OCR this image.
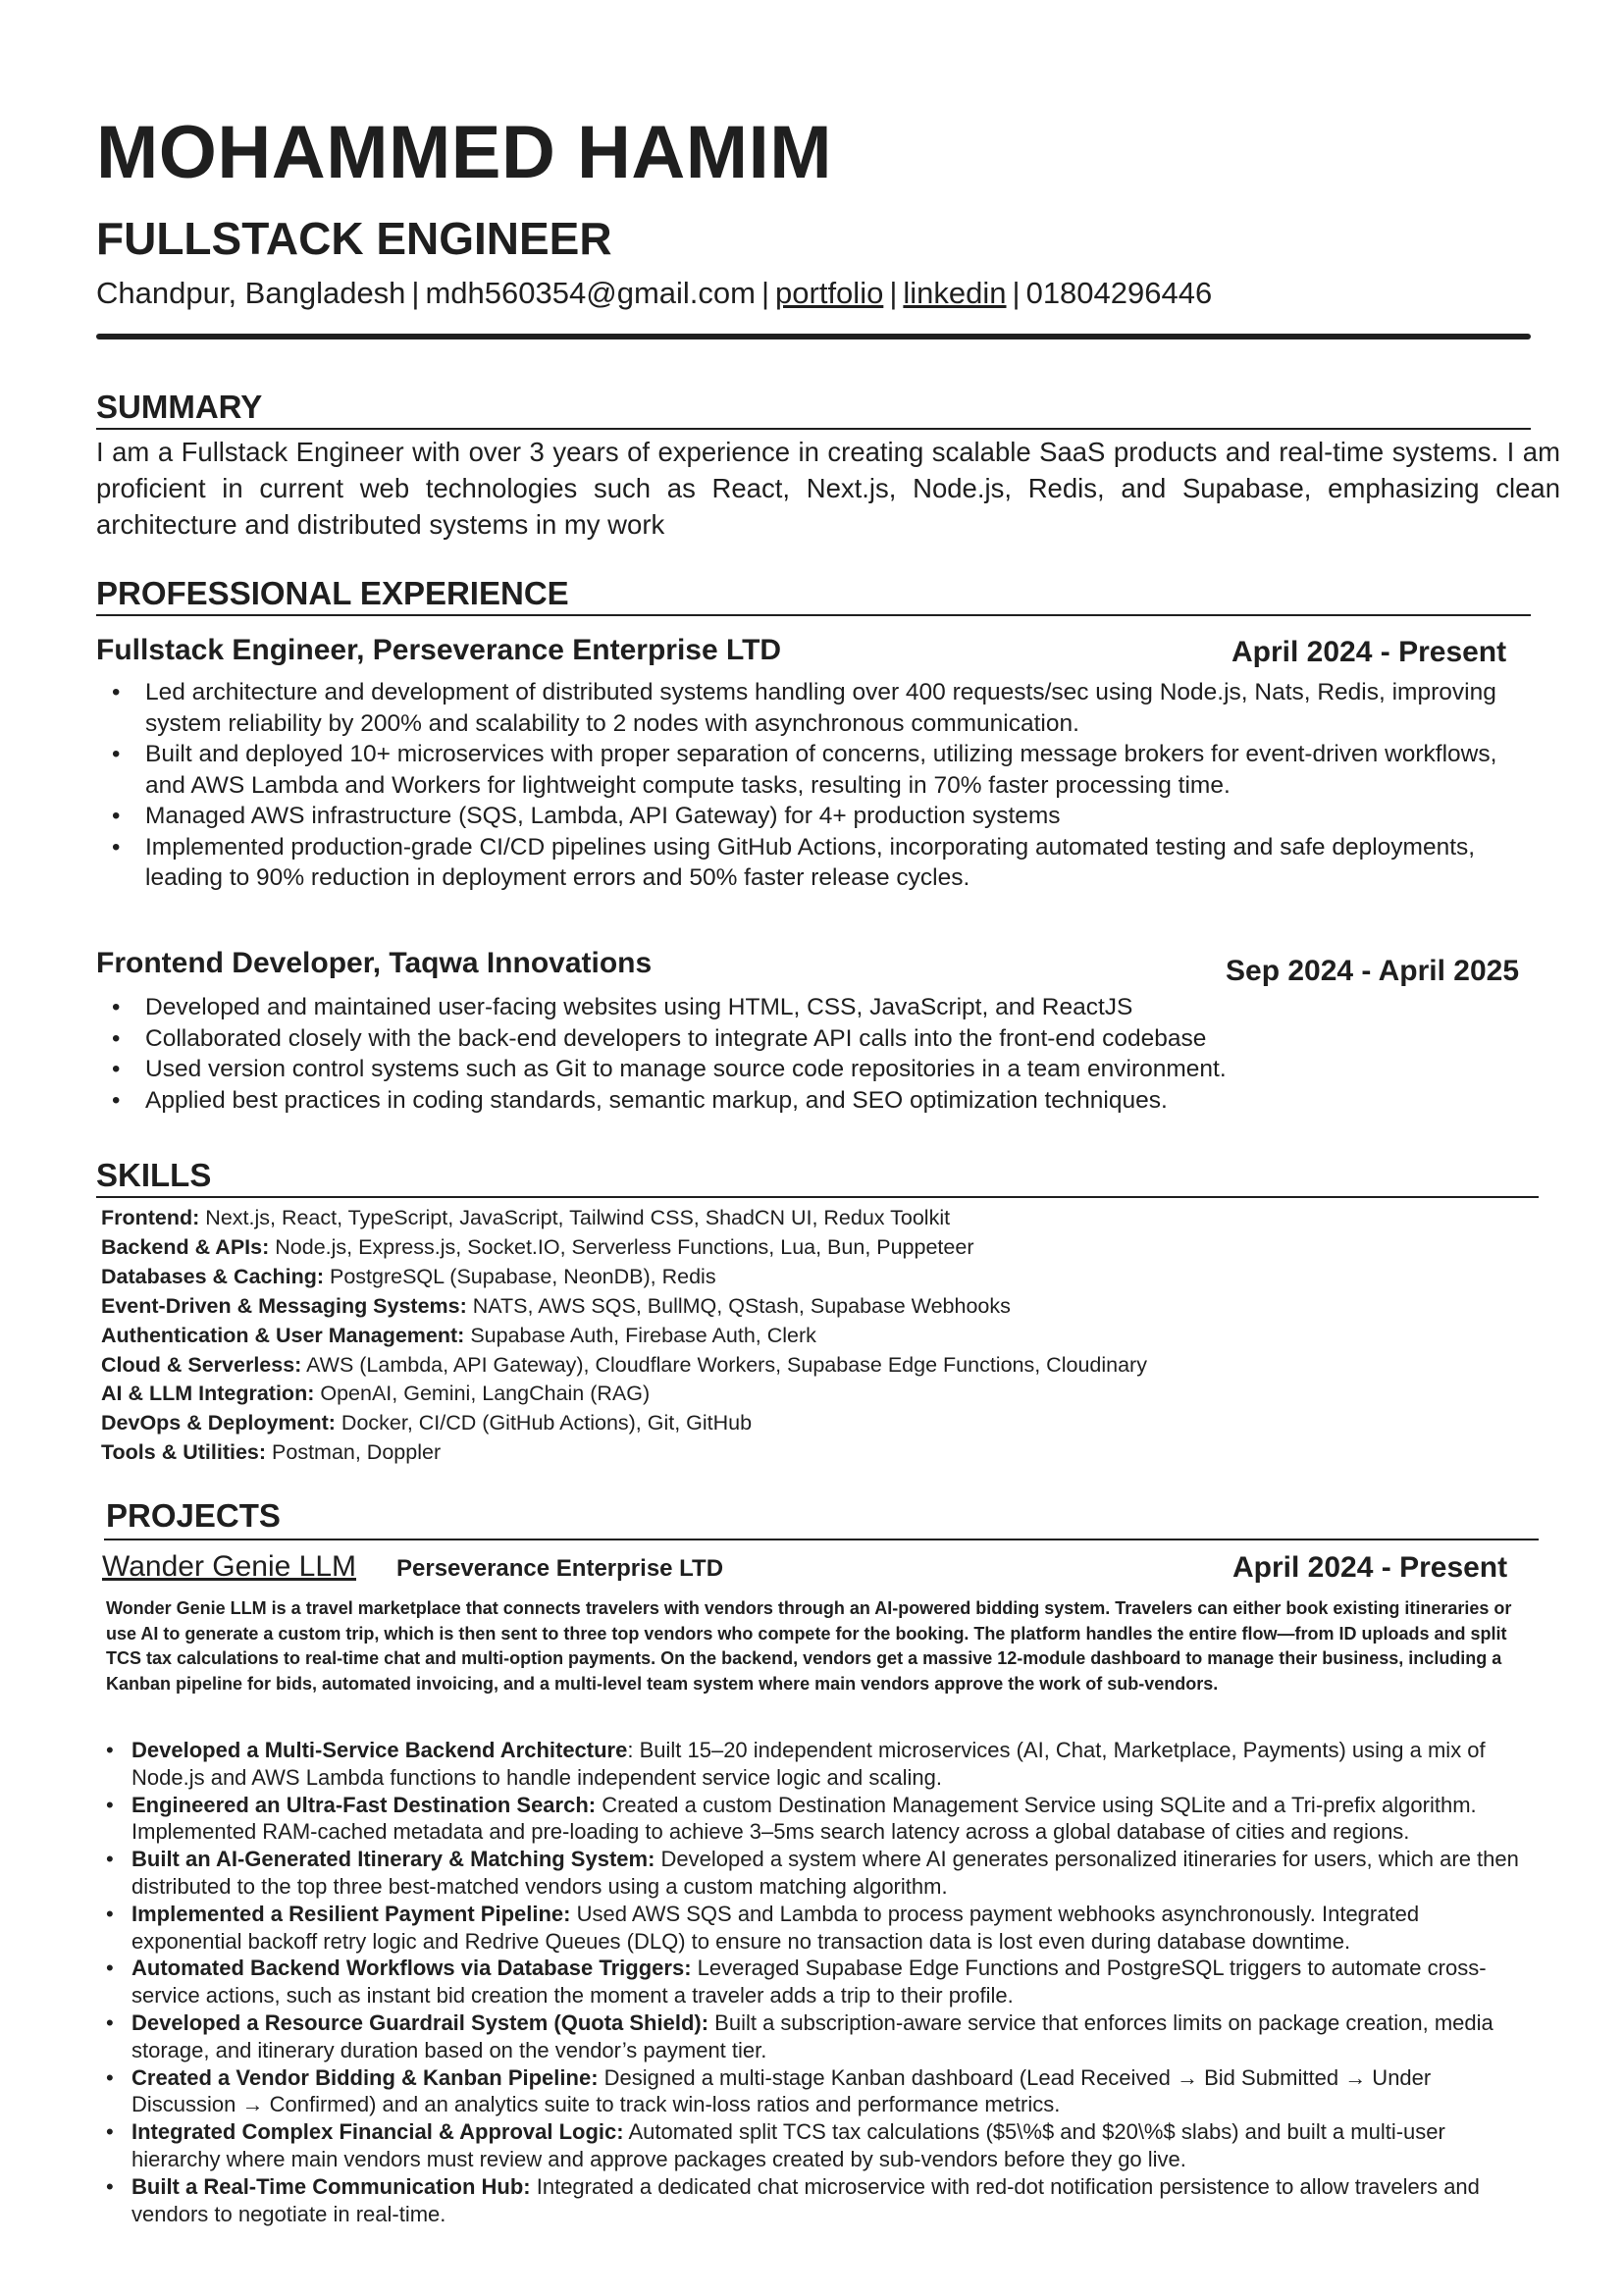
MOHAMMED HAMIM
FULLSTACK ENGINEER
Chandpur, Bangladesh | mdh560354@gmail.com | portfolio | linkedin | 01804296446
SUMMARY
I am a Fullstack Engineer with over 3 years of experience in creating scalable SaaS products and real-time systems. I am proficient in current web technologies such as React, Next.js, Node.js, Redis, and Supabase, emphasizing clean architecture and distributed systems in my work
PROFESSIONAL EXPERIENCE
Fullstack Engineer, Perseverance Enterprise LTD	April 2024 - Present
• Led architecture and development of distributed systems handling over 400 requests/sec using Node.js, Nats, Redis, improving system reliability by 200% and scalability to 2 nodes with asynchronous communication.
• Built and deployed 10+ microservices with proper separation of concerns, utilizing message brokers for event-driven workflows, and AWS Lambda and Workers for lightweight compute tasks, resulting in 70% faster processing time.
• Managed AWS infrastructure (SQS, Lambda, API Gateway) for 4+ production systems
• Implemented production-grade CI/CD pipelines using GitHub Actions, incorporating automated testing and safe deployments, leading to 90% reduction in deployment errors and 50% faster release cycles.
Frontend Developer, Taqwa Innovations	Sep 2024 - April 2025
• Developed and maintained user-facing websites using HTML, CSS, JavaScript, and ReactJS
• Collaborated closely with the back-end developers to integrate API calls into the front-end codebase
• Used version control systems such as Git to manage source code repositories in a team environment.
• Applied best practices in coding standards, semantic markup, and SEO optimization techniques.
SKILLS
Frontend: Next.js, React, TypeScript, JavaScript, Tailwind CSS, ShadCN UI, Redux Toolkit
Backend & APIs: Node.js, Express.js, Socket.IO, Serverless Functions, Lua, Bun, Puppeteer
Databases & Caching: PostgreSQL (Supabase, NeonDB), Redis
Event-Driven & Messaging Systems: NATS, AWS SQS, BullMQ, QStash, Supabase Webhooks
Authentication & User Management: Supabase Auth, Firebase Auth, Clerk
Cloud & Serverless: AWS (Lambda, API Gateway), Cloudflare Workers, Supabase Edge Functions, Cloudinary
AI & LLM Integration: OpenAI, Gemini, LangChain (RAG)
DevOps & Deployment: Docker, CI/CD (GitHub Actions), Git, GitHub
Tools & Utilities: Postman, Doppler
PROJECTS
Wander Genie LLM Perseverance Enterprise LTD	April 2024 - Present
Wonder Genie LLM is a travel marketplace that connects travelers with vendors through an AI-powered bidding system. Travelers can either book existing itineraries or use AI to generate a custom trip, which is then sent to three top vendors who compete for the booking. The platform handles the entire flow—from ID uploads and split TCS tax calculations to real-time chat and multi-option payments. On the backend, vendors get a massive 12-module dashboard to manage their business, including a Kanban pipeline for bids, automated invoicing, and a multi-level team system where main vendors approve the work of sub-vendors.
• Developed a Multi-Service Backend Architecture: Built 15–20 independent microservices (AI, Chat, Marketplace, Payments) using a mix of Node.js and AWS Lambda functions to handle independent service logic and scaling.
• Engineered an Ultra-Fast Destination Search: Created a custom Destination Management Service using SQLite and a Tri-prefix algorithm. Implemented RAM-cached metadata and pre-loading to achieve 3–5ms search latency across a global database of cities and regions.
• Built an AI-Generated Itinerary & Matching System: Developed a system where AI generates personalized itineraries for users, which are then distributed to the top three best-matched vendors using a custom matching algorithm.
• Implemented a Resilient Payment Pipeline: Used AWS SQS and Lambda to process payment webhooks asynchronously. Integrated exponential backoff retry logic and Redrive Queues (DLQ) to ensure no transaction data is lost even during database downtime.
• Automated Backend Workflows via Database Triggers: Leveraged Supabase Edge Functions and PostgreSQL triggers to automate cross-service actions, such as instant bid creation the moment a traveler adds a trip to their profile.
• Developed a Resource Guardrail System (Quota Shield): Built a subscription-aware service that enforces limits on package creation, media storage, and itinerary duration based on the vendor’s payment tier.
• Created a Vendor Bidding & Kanban Pipeline: Designed a multi-stage Kanban dashboard (Lead Received → Bid Submitted → Under Discussion → Confirmed) and an analytics suite to track win-loss ratios and performance metrics.
• Integrated Complex Financial & Approval Logic: Automated split TCS tax calculations ($5\%$ and $20\%$ slabs) and built a multi-user hierarchy where main vendors must review and approve packages created by sub-vendors before they go live.
• Built a Real-Time Communication Hub: Integrated a dedicated chat microservice with red-dot notification persistence to allow travelers and vendors to negotiate in real-time.
